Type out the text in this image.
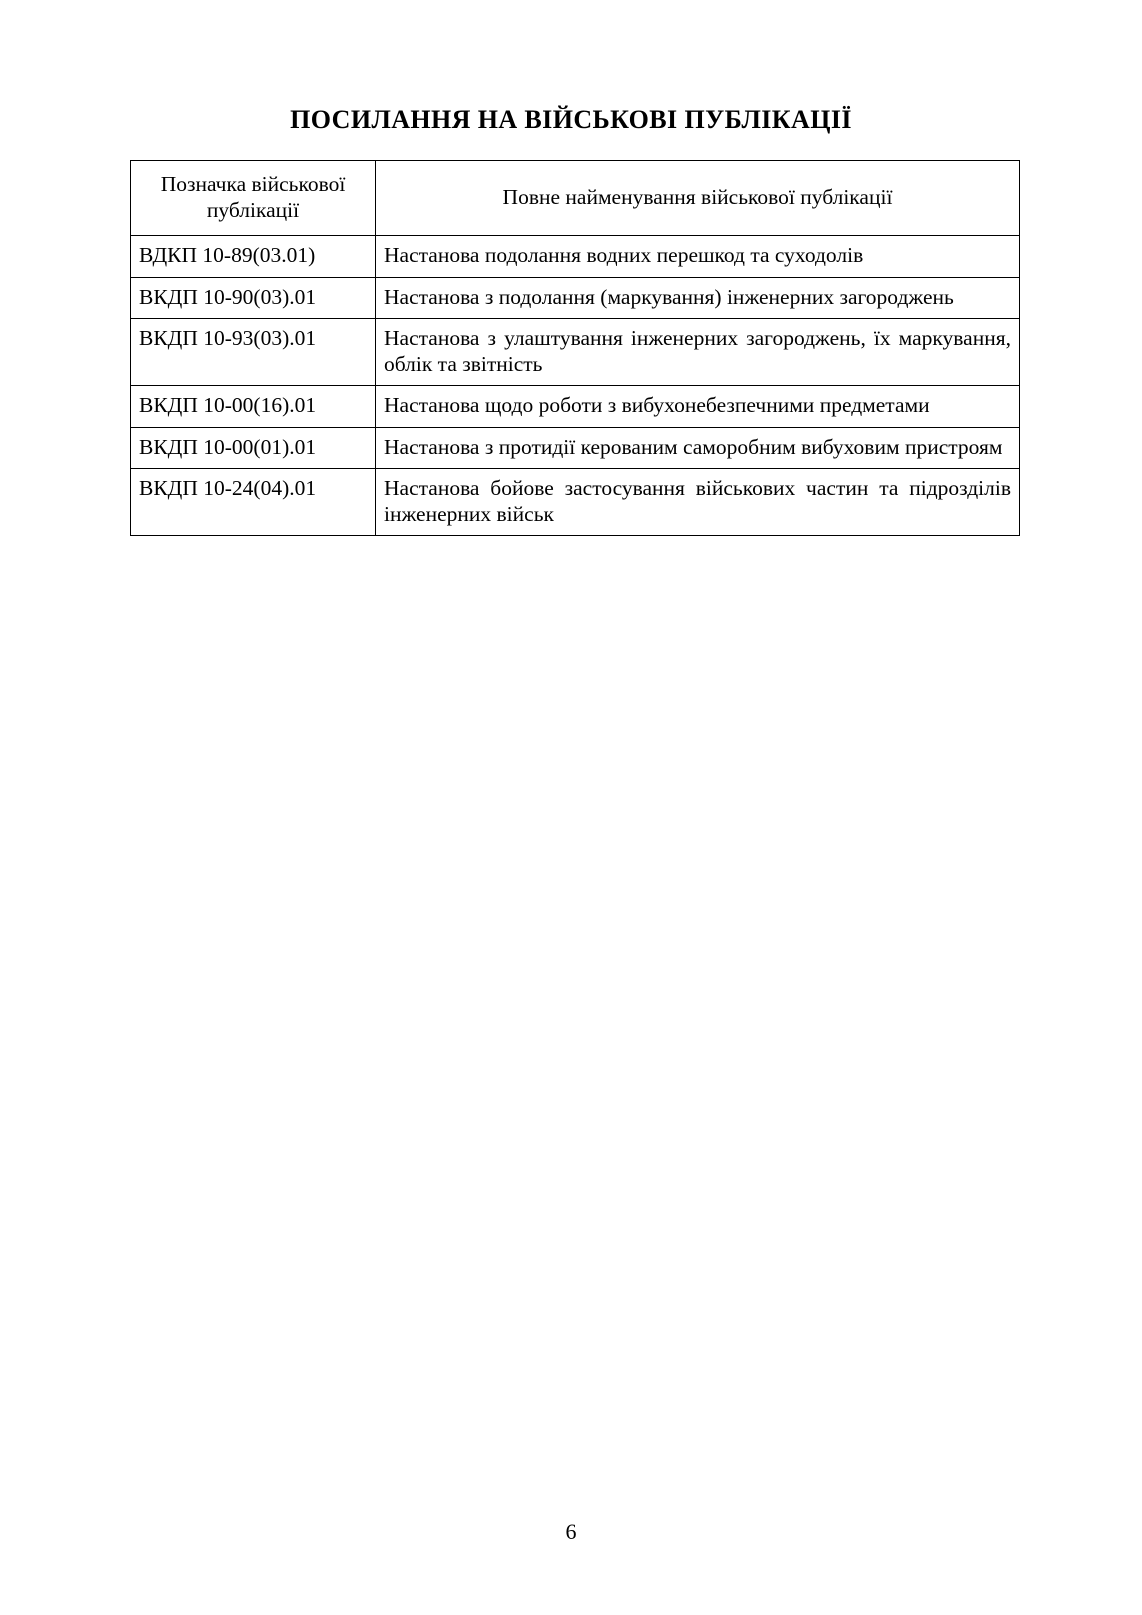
ПОСИЛАННЯ НА ВІЙСЬКОВІ ПУБЛІКАЦІЇ
Позначка військової
публікації	Повне найменування військової публікації
ВДКП 10-89(03.01)	Настанова подолання водних перешкод та суходолів
ВКДП 10-90(03).01	Настанова з подолання (маркування) інженерних загороджень
ВКДП 10-93(03).01	Настанова з улаштування інженерних загороджень, їх маркування, облік та звітність
ВКДП 10-00(16).01	Настанова щодо роботи з вибухонебезпечними предметами
ВКДП 10-00(01).01	Настанова з протидії керованим саморобним вибуховим пристроям
ВКДП 10-24(04).01	Настанова бойове застосування військових частин та підрозділів інженерних військ
6
